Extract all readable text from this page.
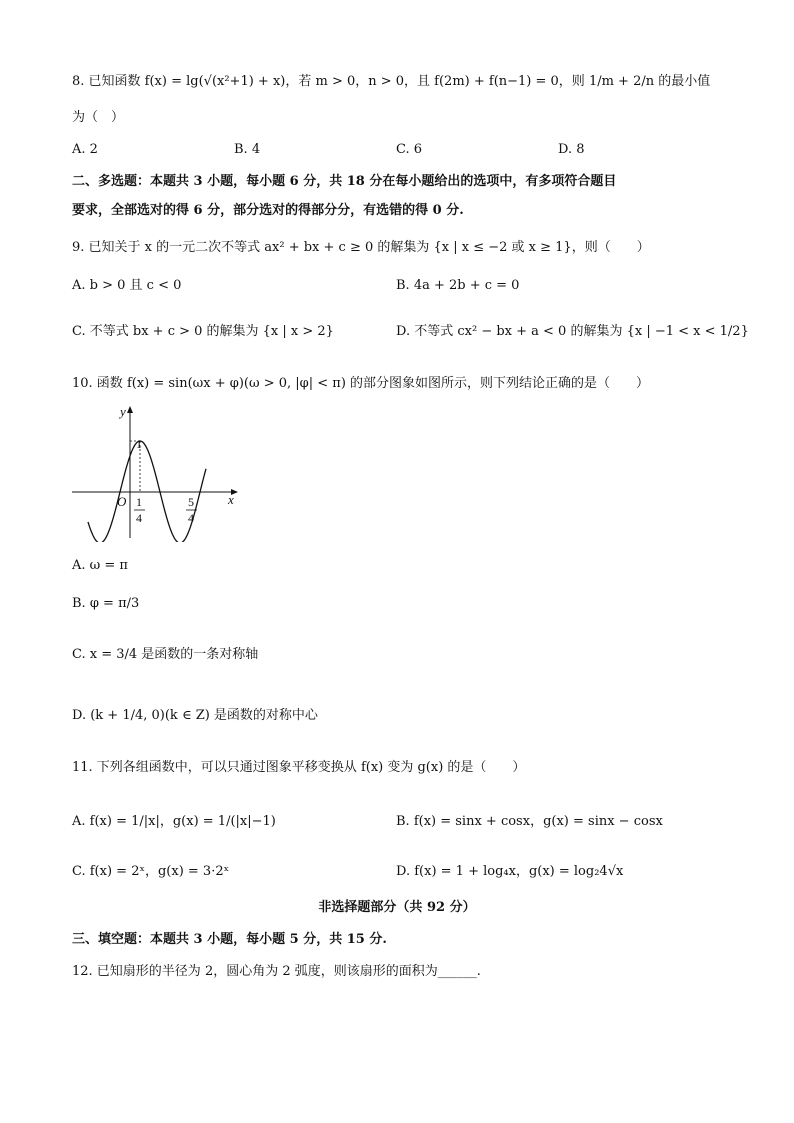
8. 已知函数 f(x) = lg(√(x²+1) + x)，若 m > 0，n > 0，且 f(2m) + f(n−1) = 0，则 1/m + 2/n 的最小值
为（　）
A. 2	B. 4	C. 6	D. 8
二、多选题：本题共 3 小题，每小题 6 分，共 18 分在每小题给出的选项中，有多项符合题目
要求，全部选对的得 6 分，部分选对的得部分分，有选错的得 0 分.
9. 已知关于 x 的一元二次不等式 ax² + bx + c ≥ 0 的解集为 {x | x ≤ −2 或 x ≥ 1}，则（　　）
A. b > 0 且 c < 0	B. 4a + 2b + c = 0
C. 不等式 bx + c > 0 的解集为 {x | x > 2}	D. 不等式 cx² − bx + a < 0 的解集为 {x | −1 < x < 1/2}
10. 函数 f(x) = sin(ωx + φ)(ω > 0, |φ| < π) 的部分图象如图所示，则下列结论正确的是（　　）
y
x
O
1
1
4
5
4
A. ω = π
B. φ = π/3
C. x = 3/4 是函数的一条对称轴
D. (k + 1/4, 0)(k ∈ Z) 是函数的对称中心
11. 下列各组函数中，可以只通过图象平移变换从 f(x) 变为 g(x) 的是（　　）
A. f(x) = 1/|x|，g(x) = 1/(|x|−1)	B. f(x) = sinx + cosx，g(x) = sinx − cosx
C. f(x) = 2ˣ，g(x) = 3·2ˣ	D. f(x) = 1 + log₄x，g(x) = log₂4√x
非选择题部分（共 92 分）
三、填空题：本题共 3 小题，每小题 5 分，共 15 分.
12. 已知扇形的半径为 2，圆心角为 2 弧度，则该扇形的面积为______.
